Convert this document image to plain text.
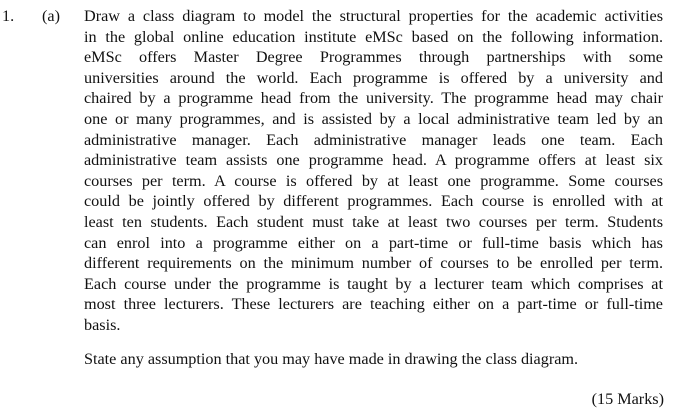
1. (a) Draw a class diagram to model the structural properties for the academic activities
in the global online education institute eMSc based on the following information.
eMSc offers Master Degree Programmes through partnerships with some
universities around the world. Each programme is offered by a university and
chaired by a programme head from the university. The programme head may chair
one or many programmes, and is assisted by a local administrative team led by an
administrative manager. Each administrative manager leads one team. Each
administrative team assists one programme head. A programme offers at least six
courses per term. A course is offered by at least one programme. Some courses
could be jointly offered by different programmes. Each course is enrolled with at
least ten students. Each student must take at least two courses per term. Students
can enrol into a programme either on a part-time or full-time basis which has
different requirements on the minimum number of courses to be enrolled per term.
Each course under the programme is taught by a lecturer team which comprises at
most three lecturers. These lecturers are teaching either on a part-time or full-time
basis.

State any assumption that you may have made in drawing the class diagram.

(15 Marks)
